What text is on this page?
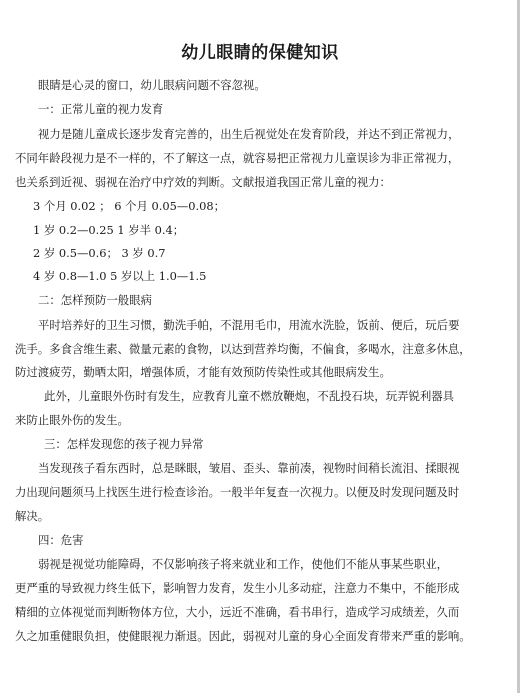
幼儿眼睛的保健知识
眼睛是心灵的窗口，幼儿眼病问题不容忽视。
一：正常儿童的视力发育
视力是随儿童成长逐步发育完善的，出生后视觉处在发育阶段，并达不到正常视力，
不同年龄段视力是不一样的，不了解这一点，就容易把正常视力儿童误诊为非正常视力，
也关系到近视、弱视在治疗中疗效的判断。文献报道我国正常儿童的视力：
3 个月 0.02 ； 6 个月 0.05—0.08；
1 岁 0.2—0.25 1 岁半 0.4；
2 岁 0.5—0.6； 3 岁 0.7
4 岁 0.8—1.0 5 岁以上 1.0—1.5
二：怎样预防一般眼病
平时培养好的卫生习惯，勤洗手帕，不混用毛巾，用流水洗脸，饭前、便后，玩后要
洗手。多食含维生素、微量元素的食物，以达到营养均衡，不偏食，多喝水，注意多休息，
防过渡疲劳，勤晒太阳，增强体质，才能有效预防传染性或其他眼病发生。
此外，儿童眼外伤时有发生，应教育儿童不燃放鞭炮，不乱投石块，玩弄锐利器具
来防止眼外伤的发生。
三：怎样发现您的孩子视力异常
当发现孩子看东西时，总是眯眼，皱眉、歪头、靠前凑，视物时间稍长流泪、揉眼视
力出现问题须马上找医生进行检查诊治。一般半年复查一次视力。以便及时发现问题及时
解决。
四：危害
弱视是视觉功能障碍，不仅影响孩子将来就业和工作，使他们不能从事某些职业，
更严重的导致视力终生低下，影响智力发育，发生小儿多动症，注意力不集中，不能形成
精细的立体视觉而判断物体方位，大小，远近不准确，看书串行，造成学习成绩差，久而
久之加重健眼负担，使健眼视力渐退。因此，弱视对儿童的身心全面发育带来严重的影响。
